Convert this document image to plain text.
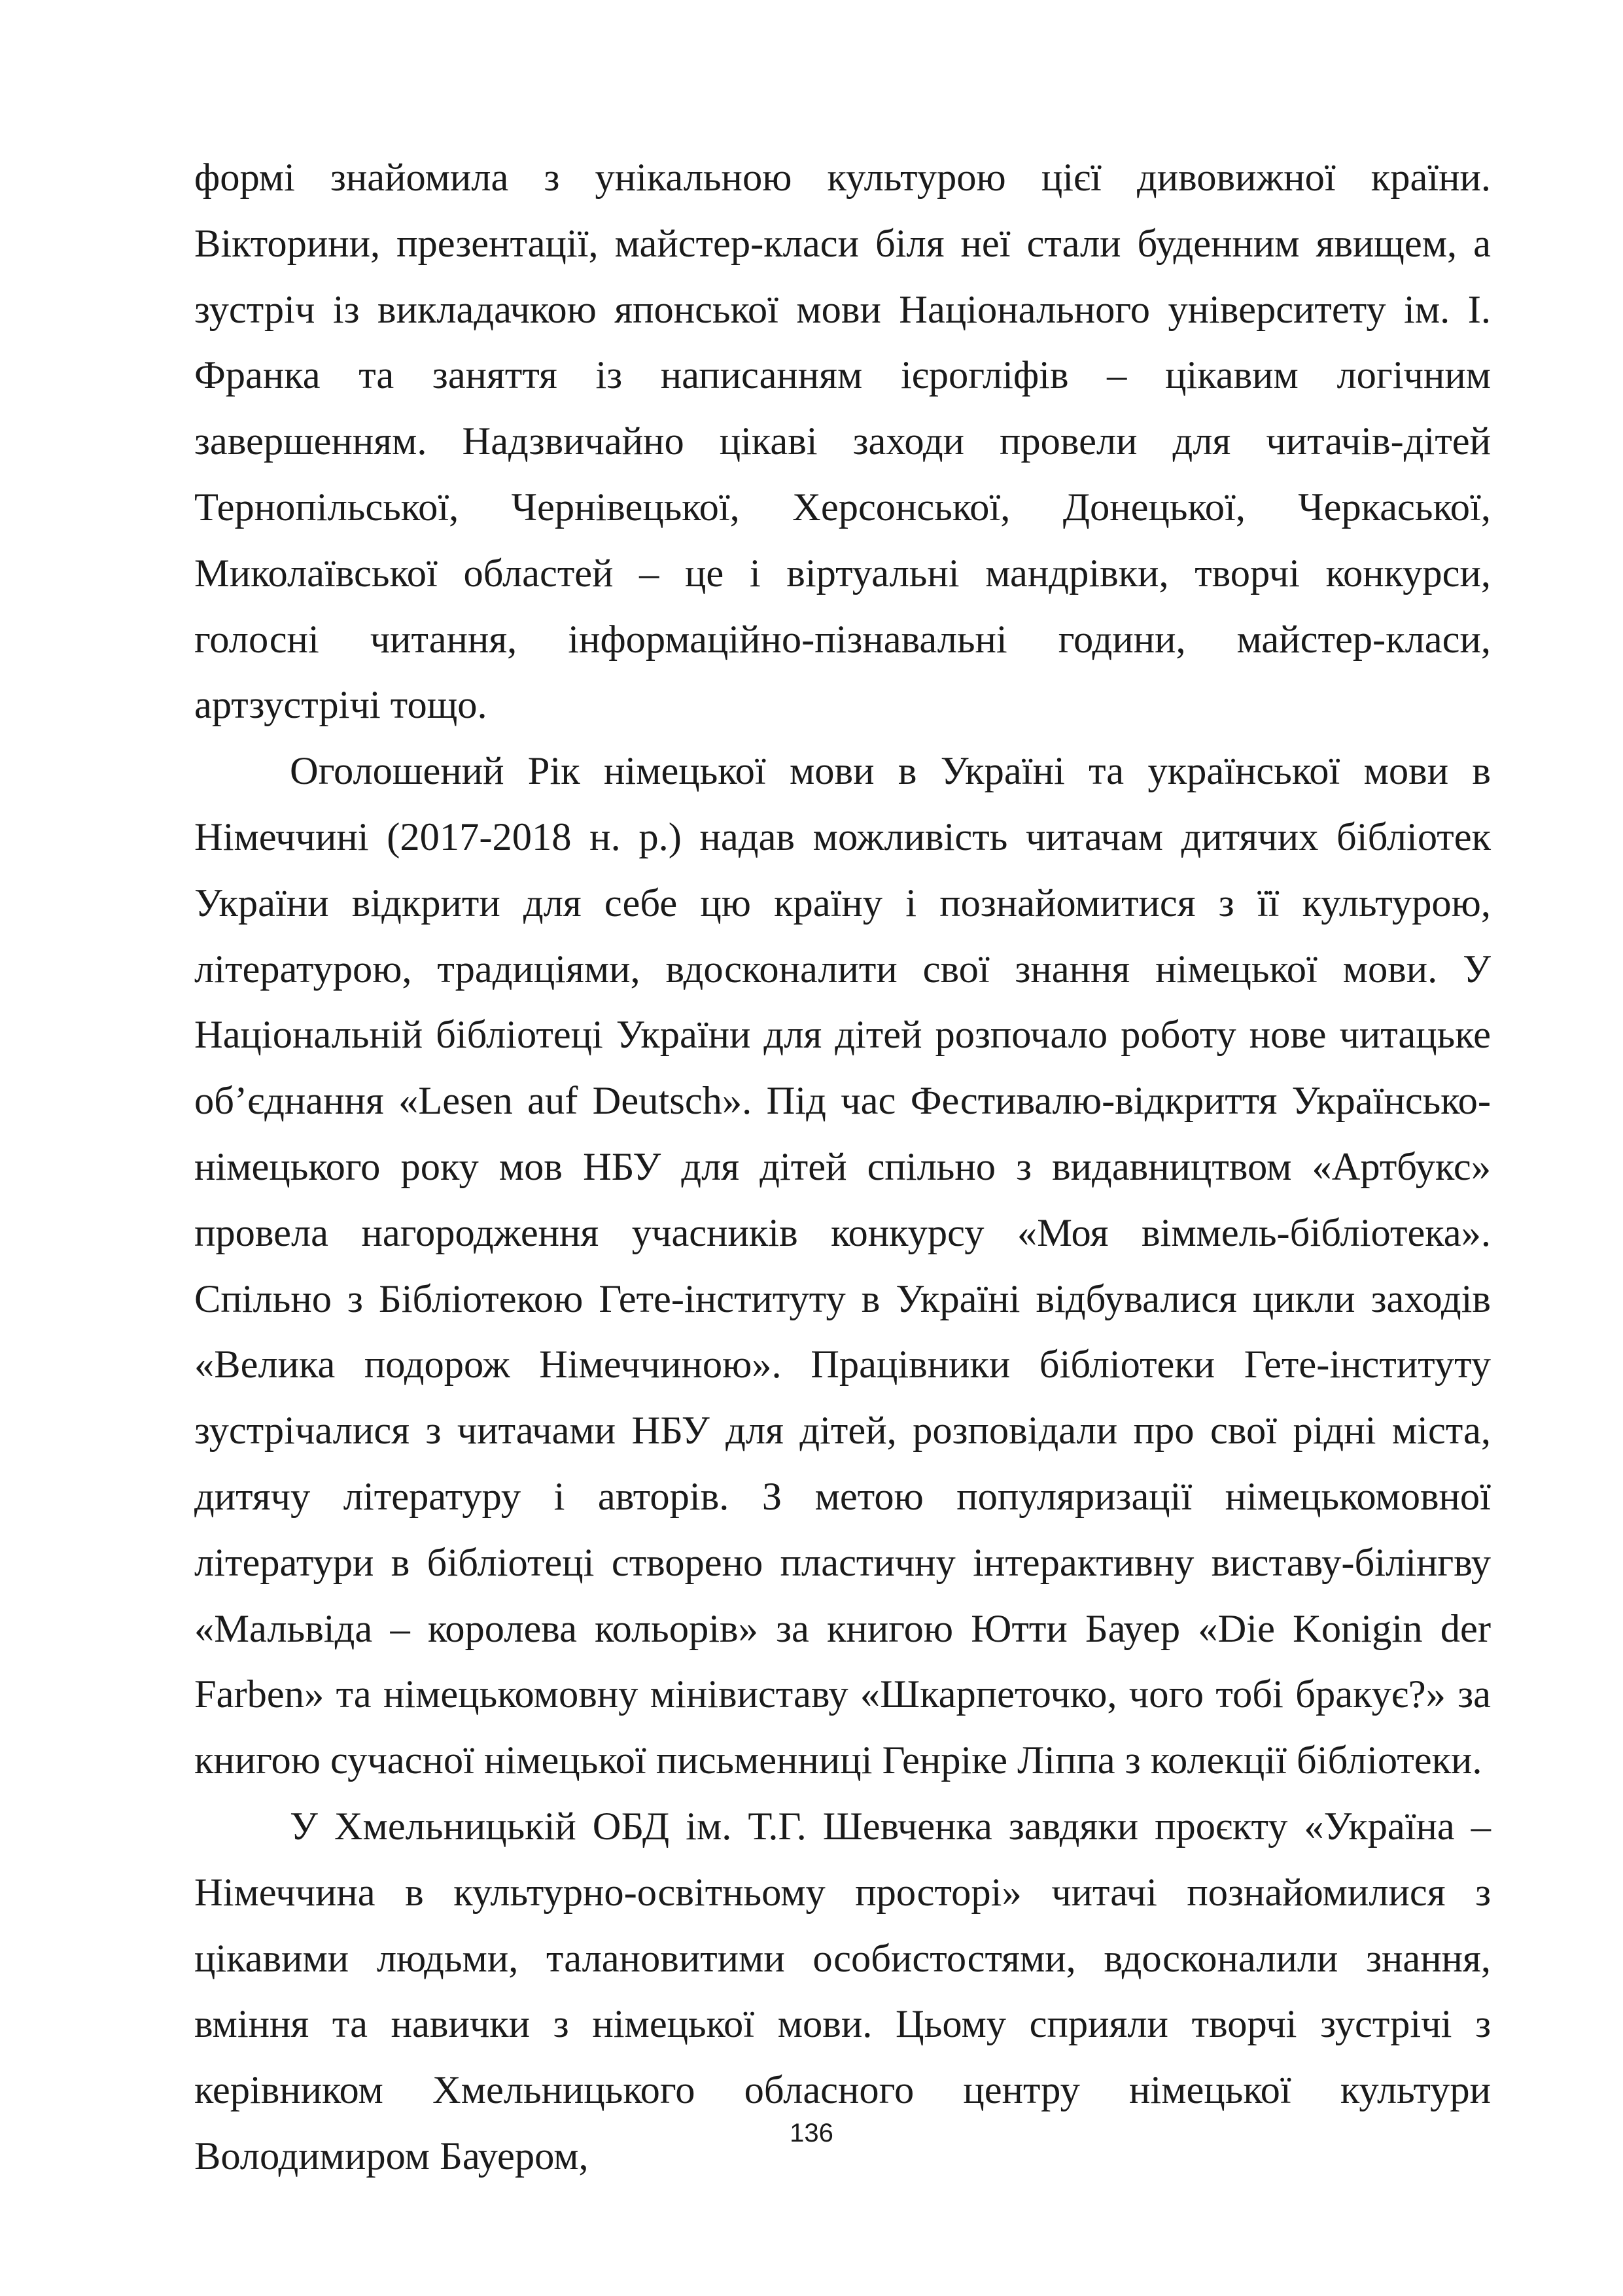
формі знайомила з унікальною культурою цієї дивовижної країни. Вікторини, презентації, майстер-класи біля неї стали буденним явищем, а зустріч із викладачкою японської мови Національного університету ім. І. Франка та заняття із написанням ієрогліфів – цікавим логічним завершенням. Надзвичайно цікаві заходи провели для читачів-дітей Тернопільської, Чернівецької, Херсонської, Донецької, Черкаської, Миколаївської областей – це і віртуальні мандрівки, творчі конкурси, голосні читання, інформаційно-пізнавальні години, майстер-класи, артзустрічі тощо.

Оголошений Рік німецької мови в Україні та української мови в Німеччині (2017-2018 н. р.) надав можливість читачам дитячих бібліотек України відкрити для себе цю країну і познайомитися з її культурою, літературою, традиціями, вдосконалити свої знання німецької мови. У Національній бібліотеці України для дітей розпочало роботу нове читацьке об’єднання «Lesen auf Deutsch». Під час Фестивалю-відкриття Українсько-німецького року мов НБУ для дітей спільно з видавництвом «Артбукс» провела нагородження учасників конкурсу «Моя віммель-бібліотека». Спільно з Бібліотекою Гете-інституту в Україні відбувалися цикли заходів «Велика подорож Німеччиною». Працівники бібліотеки Гете-інституту зустрічалися з читачами НБУ для дітей, розповідали про свої рідні міста, дитячу літературу і авторів. З метою популяризації німецькомовної літератури в бібліотеці створено пластичну інтерактивну виставу-білінгву «Мальвіда – королева кольорів» за книгою Ютти Бауер «Die Konigin der Farben» та німецькомовну мінівиставу «Шкарпеточко, чого тобі бракує?» за книгою сучасної німецької письменниці Генріке Ліппа з колекції бібліотеки.

У Хмельницькій ОБД ім. Т.Г. Шевченка завдяки проєкту «Україна – Німеччина в культурно-освітньому просторі» читачі познайомилися з цікавими людьми, талановитими особистостями, вдосконалили знання, вміння та навички з німецької мови. Цьому сприяли творчі зустрічі з керівником Хмельницького обласного центру німецької культури Володимиром Бауером,

136
